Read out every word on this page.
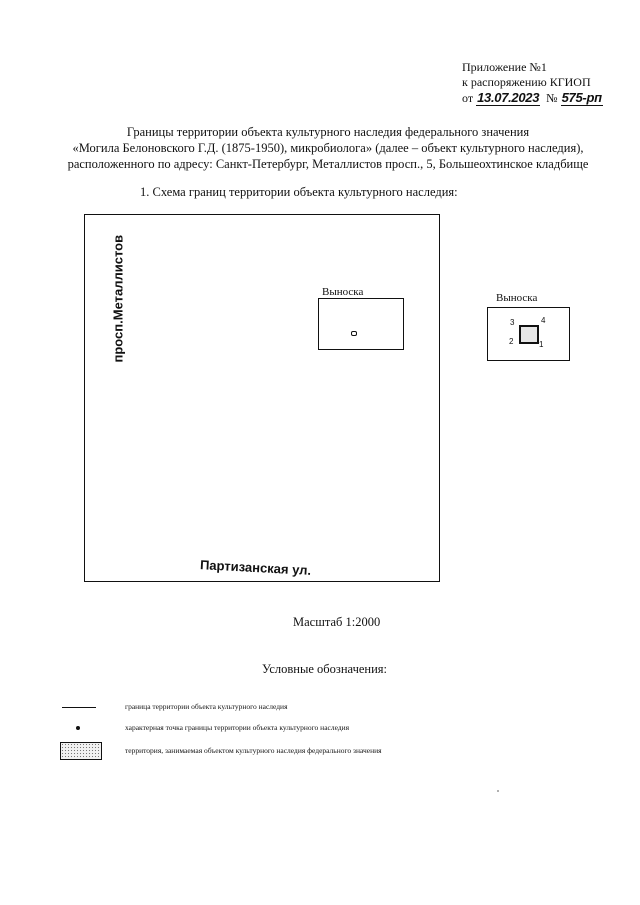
Приложение №1
к распоряжению КГИОП
от 13.07.2023 № 575-рп
Границы территории объекта культурного наследия федерального значения
«Могила Белоновского Г.Д. (1875-1950), микробиолога» (далее – объект культурного наследия),
расположенного по адресу: Санкт-Петербург, Металлистов просп., 5, Большеохтинское кладбище
1. Схема границ территории объекта культурного наследия:
просп.Металлистов
Партизанская ул.
Выноска	Выноска
3	4
2	1
Масштаб 1:2000
Условные обозначения:
граница территории объекта культурного наследия
характерная точка границы территории объекта культурного наследия
территория, занимаемая объектом культурного наследия федерального значения
